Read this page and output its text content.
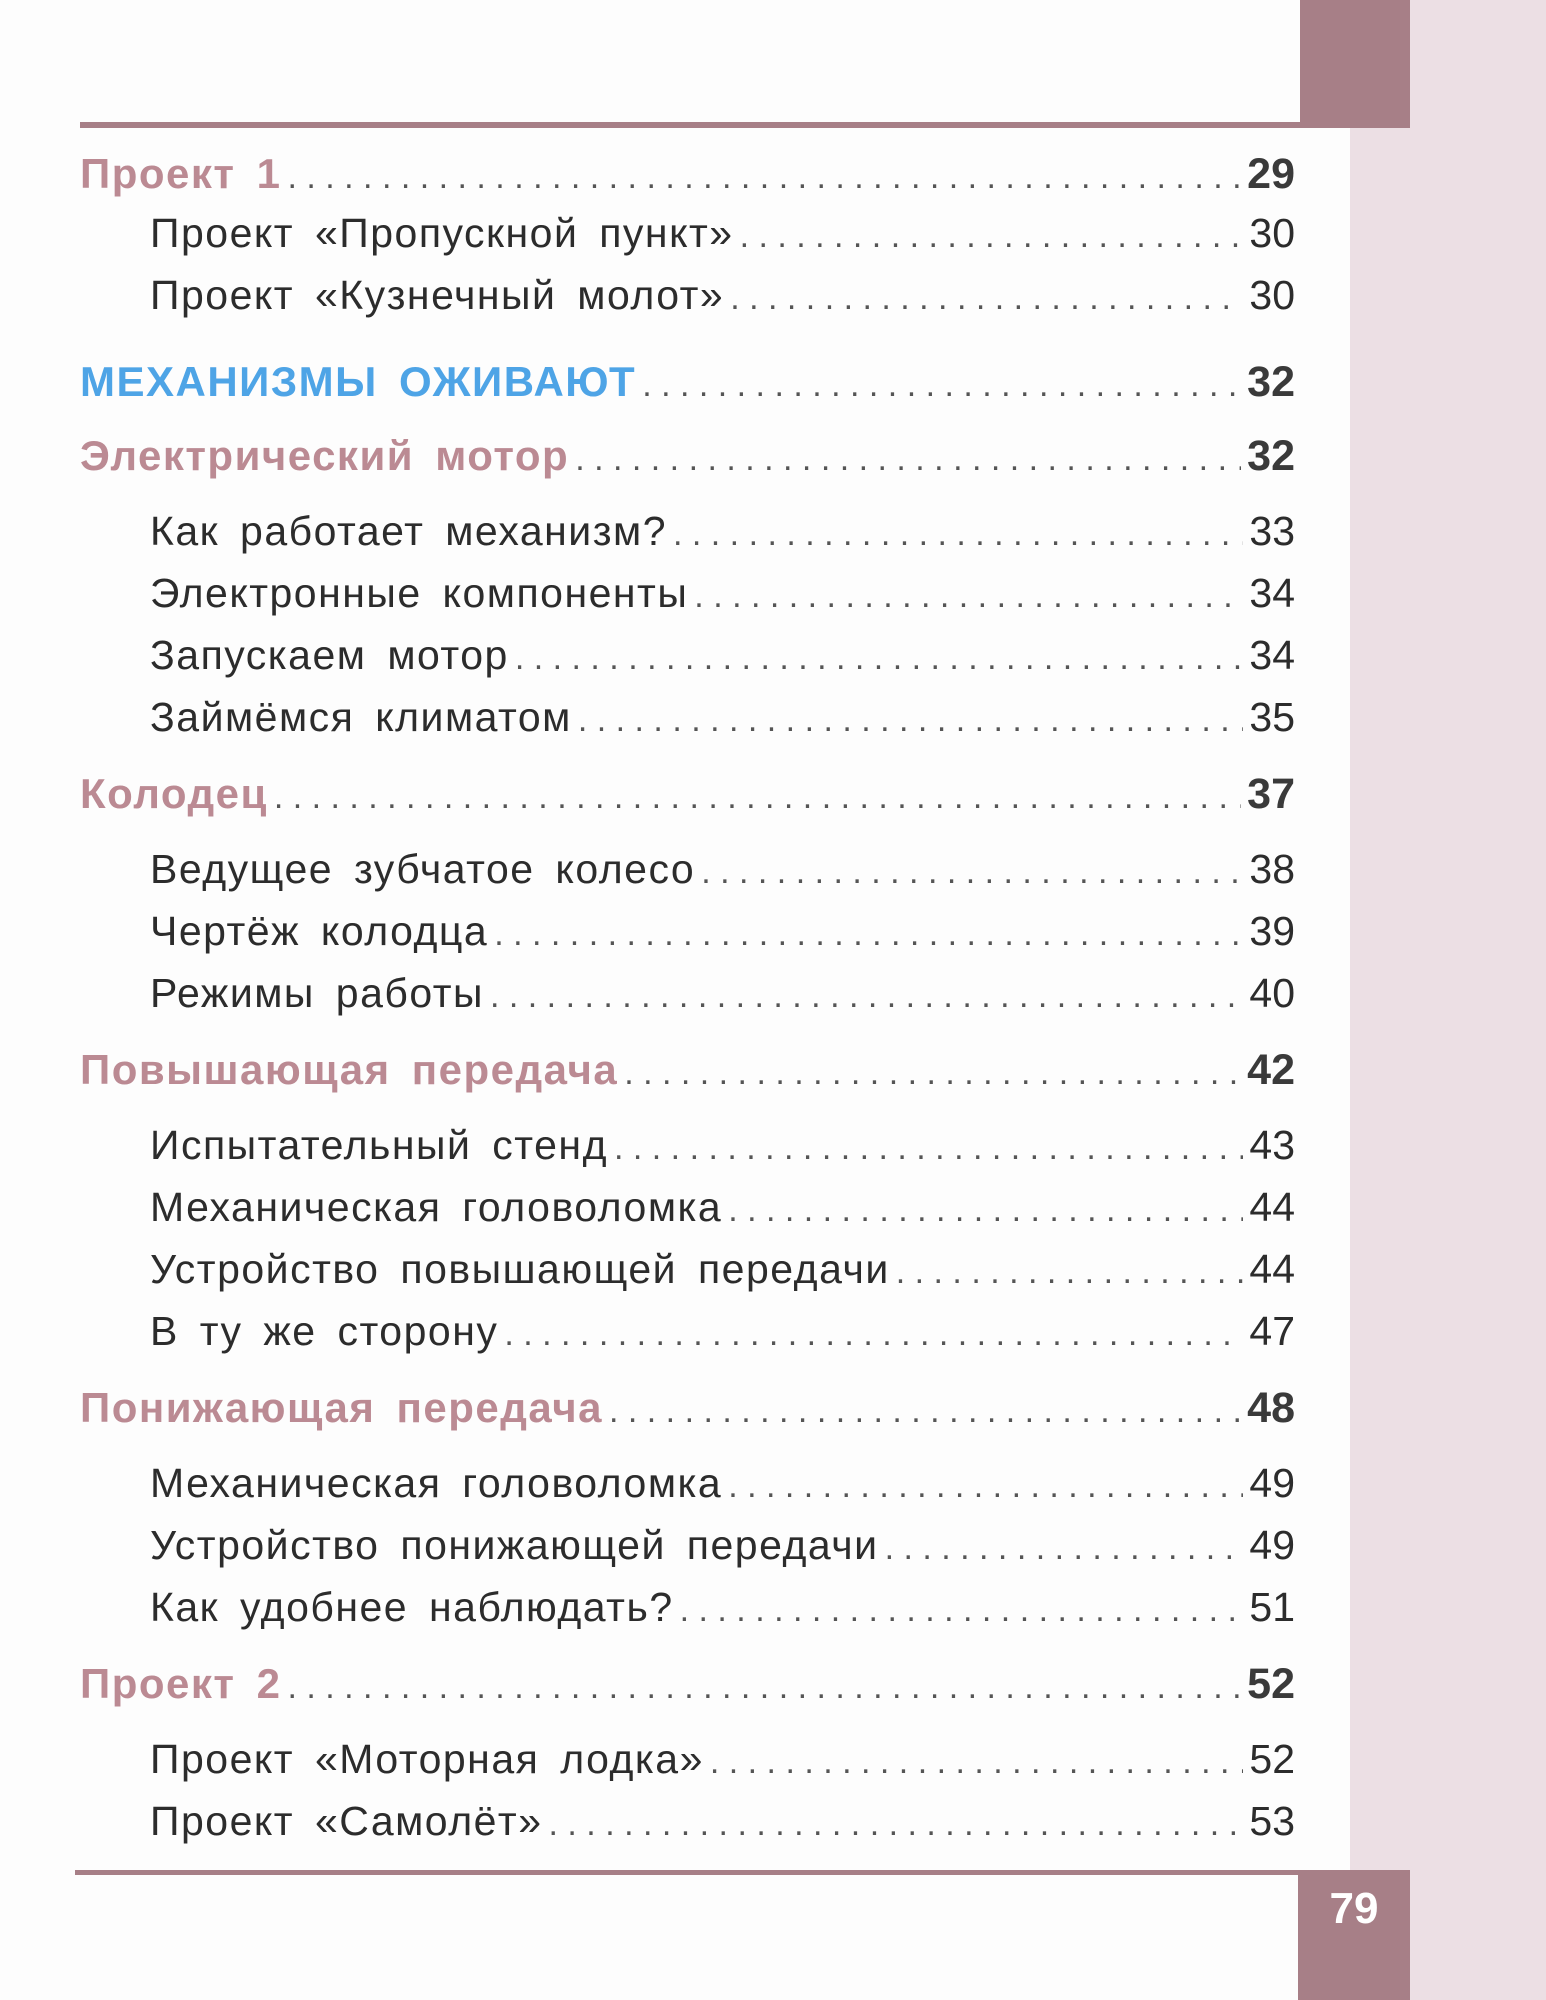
Проект 1 . . .	29
Проект «Пропускной пункт» . . .	30
Проект «Кузнечный молот» . . .	30
МЕХАНИЗМЫ ОЖИВАЮТ . . .	32
Электрический мотор . . .	32
Как работает механизм? . . .	33
Электронные компоненты . . .	34
Запускаем мотор . . .	34
Займёмся климатом . . .	35
Колодец . . .	37
Ведущее зубчатое колесо . . .	38
Чертёж колодца . . .	39
Режимы работы . . .	40
Повышающая передача . . .	42
Испытательный стенд . . .	43
Механическая головоломка . . .	44
Устройство повышающей передачи . . .	44
В ту же сторону . . .	47
Понижающая передача . . .	48
Механическая головоломка . . .	49
Устройство понижающей передачи . . .	49
Как удобнее наблюдать? . . .	51
Проект 2 . . .	52
Проект «Моторная лодка» . . .	52
Проект «Самолёт» . . .	53
79
